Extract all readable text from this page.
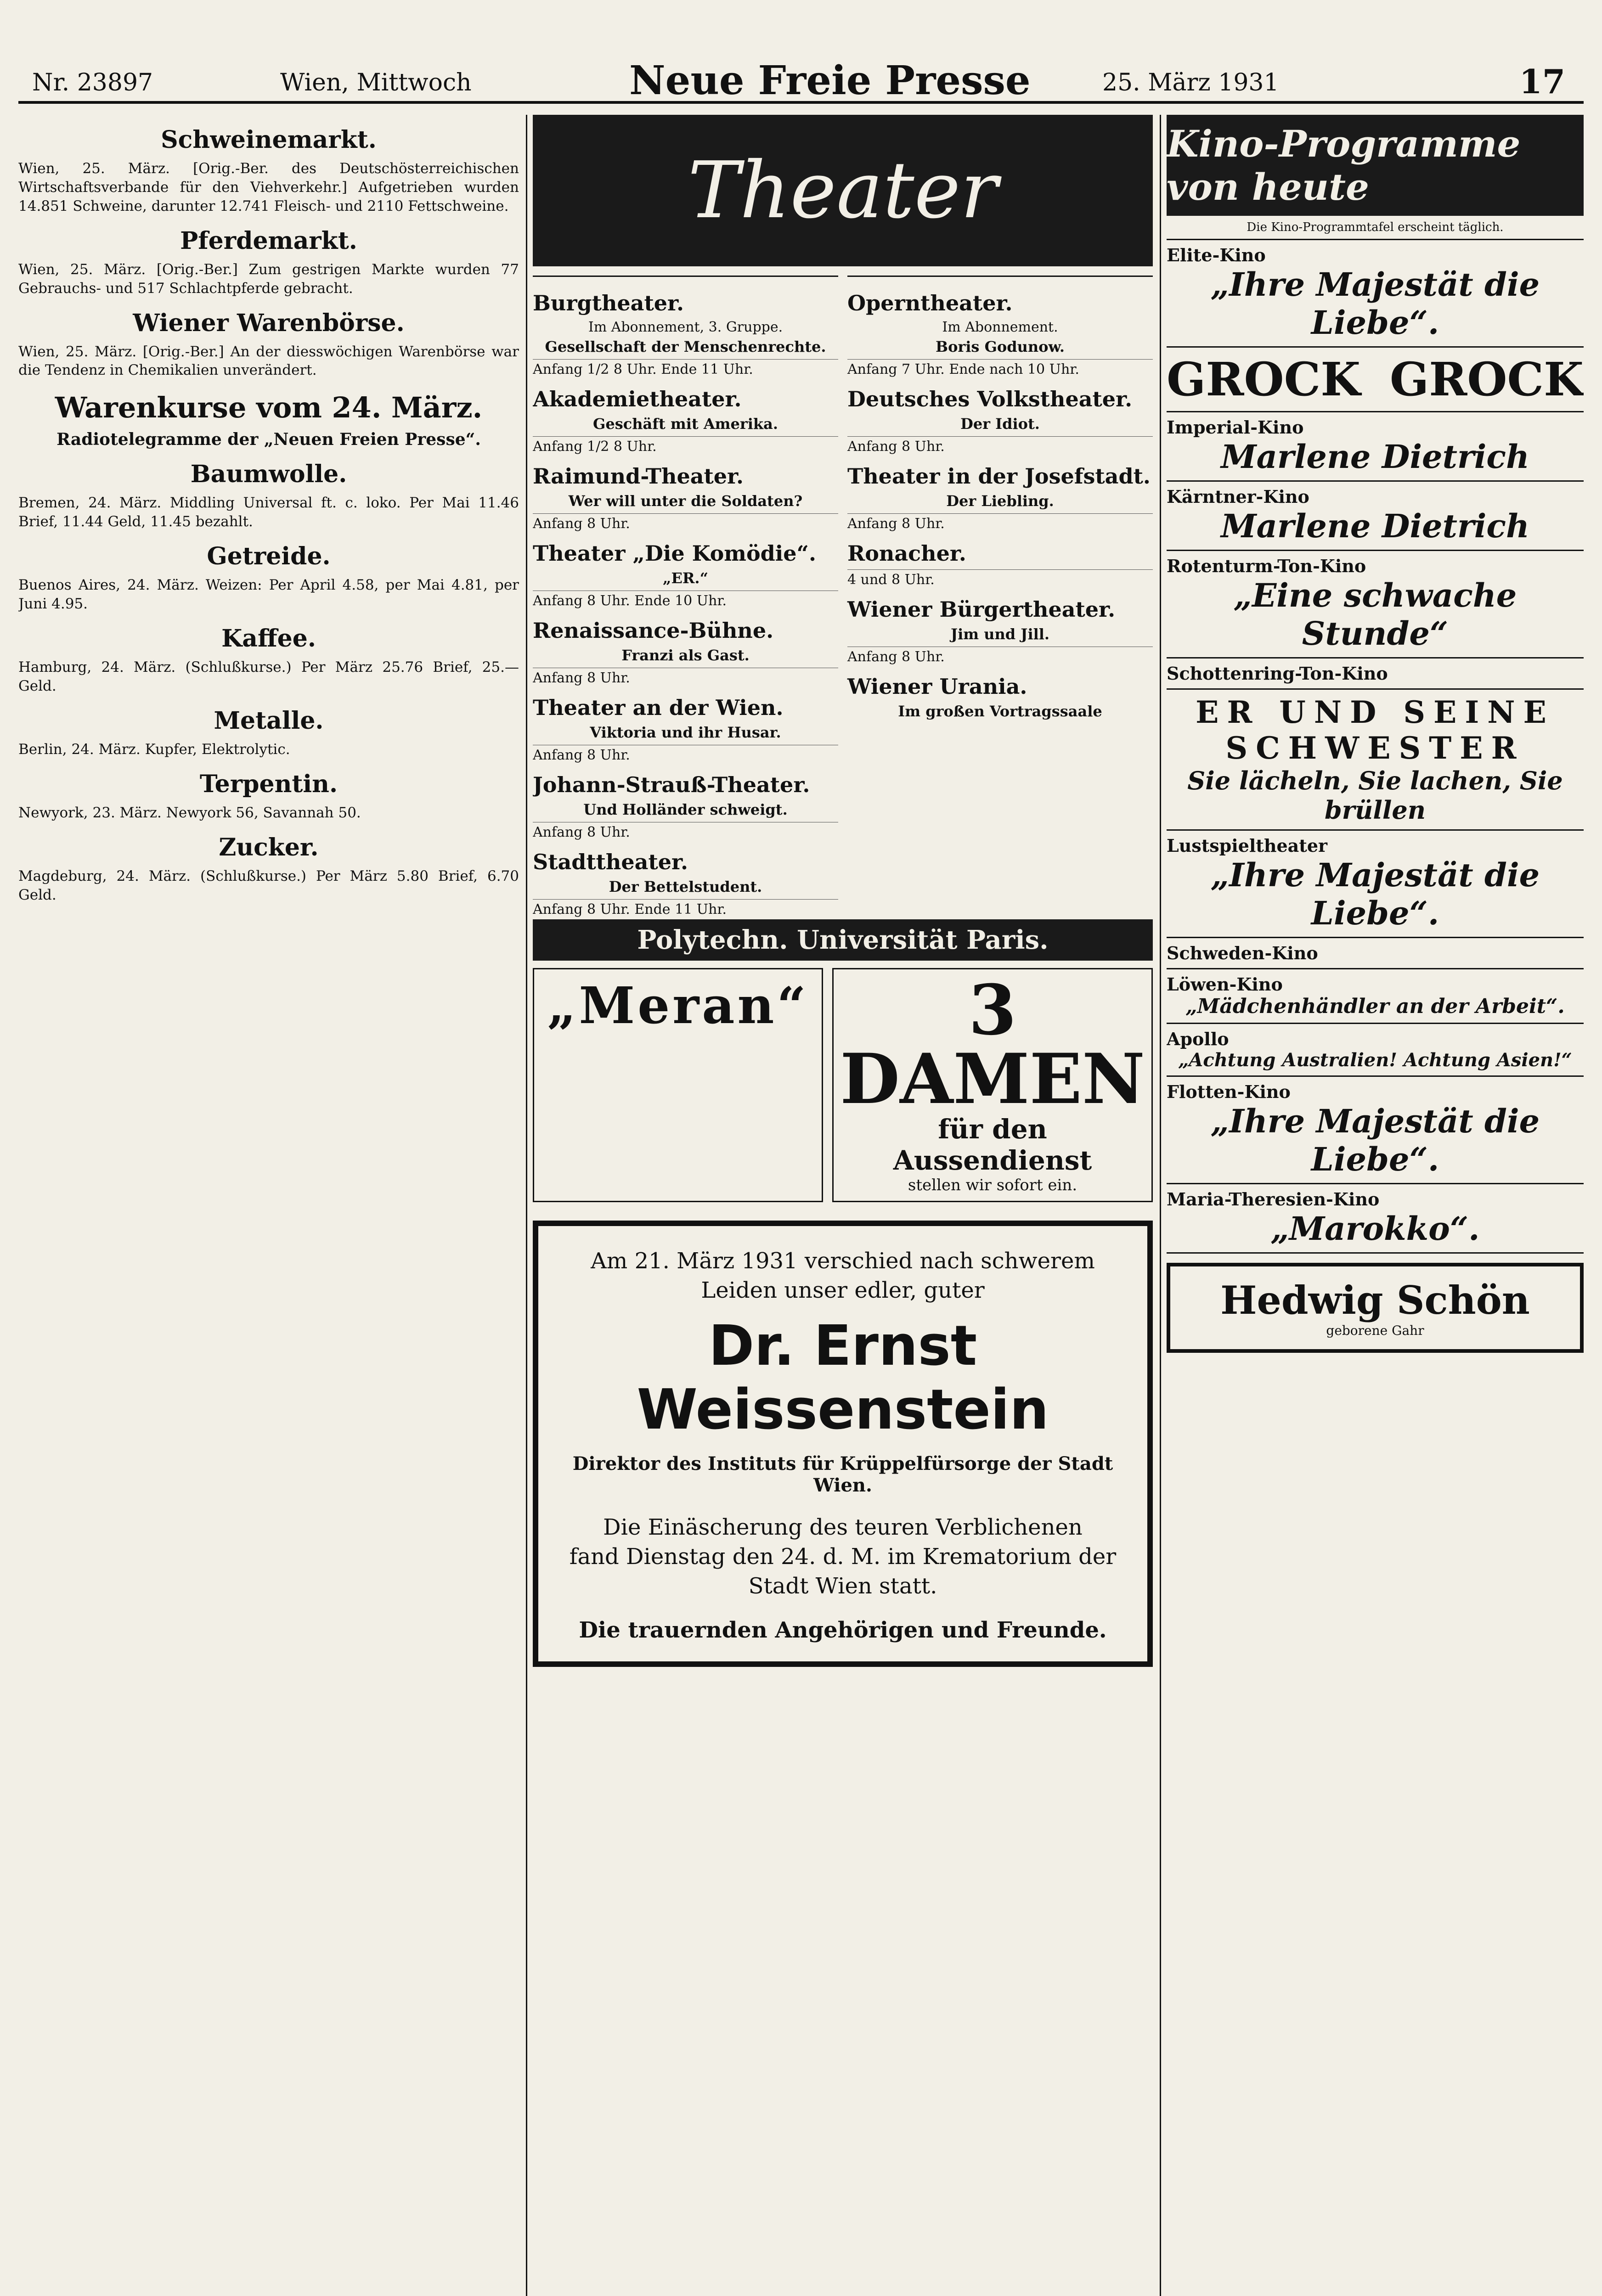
Nr. 23897	Wien, Mittwoch	Neue Freie Presse	25. März 1931	17
Schweinemarkt.

Wien, 25. März. [Orig.-Ber. des Deutschösterreichischen Wirtschaftsverbande für den Viehverkehr.] Aufgetrieben wurden 14.851 Schweine, darunter 12.741 Fleisch- und 2110 Fettschweine.

Pferdemarkt.

Wien, 25. März. [Orig.-Ber.] Zum gestrigen Markte wurden 77 Gebrauchs- und 517 Schlachtpferde gebracht.

Wiener Warenbörse.

Wien, 25. März. [Orig.-Ber.] An der diesswöchigen Warenbörse war die Tendenz in Chemikalien unverändert.

Warenkurse vom 24. März.
Radiotelegramme der „Neuen Freien Presse“.
Baumwolle.

Bremen, 24. März. Middling Universal ft. c. loko. Per Mai 11.46 Brief, 11.44 Geld, 11.45 bezahlt.

Getreide.

Buenos Aires, 24. März. Weizen: Per April 4.58, per Mai 4.81, per Juni 4.95.

Kaffee.

Hamburg, 24. März. (Schlußkurse.) Per März 25.76 Brief, 25.— Geld.

Metalle.

Berlin, 24. März. Kupfer, Elektrolytic.

Terpentin.

Newyork, 23. März. Newyork 56, Savannah 50.

Zucker.

Magdeburg, 24. März. (Schlußkurse.) Per März 5.80 Brief, 6.70 Geld.

Theater
Burgtheater.
Im Abonnement, 3. Gruppe.
Gesellschaft der Menschenrechte.
Anfang 1/2 8 Uhr. Ende 11 Uhr.
Akademietheater.
Geschäft mit Amerika.
Anfang 1/2 8 Uhr.
Raimund-Theater.
Wer will unter die Soldaten?
Anfang 8 Uhr.
Theater „Die Komödie“.
„ER.“
Anfang 8 Uhr. Ende 10 Uhr.
Renaissance-Bühne.
Franzi als Gast.
Anfang 8 Uhr.
Theater an der Wien.
Viktoria und ihr Husar.
Anfang 8 Uhr.
Johann-Strauß-Theater.
Und Holländer schweigt.
Anfang 8 Uhr.
Stadttheater.
Der Bettelstudent.
Anfang 8 Uhr. Ende 11 Uhr.
Operntheater.
Im Abonnement.
Boris Godunow.
Anfang 7 Uhr. Ende nach 10 Uhr.
Deutsches Volkstheater.
Der Idiot.
Anfang 8 Uhr.
Theater in der Josefstadt.
Der Liebling.
Anfang 8 Uhr.
Ronacher.
4 und 8 Uhr.
Wiener Bürgertheater.
Jim und Jill.
Anfang 8 Uhr.
Wiener Urania.
Im großen Vortragssaale
Polytechn. Universität Paris.
„Meran“	3 DAMEN
für den Aussendienst
stellen wir sofort ein.
Am 21. März 1931 verschied nach schwerem
Leiden unser edler, guter
Dr. Ernst Weissenstein
Direktor des Instituts für Krüppelfürsorge der Stadt Wien.
Die Einäscherung des teuren Verblichenen
fand Dienstag den 24. d. M. im Krematorium der
Stadt Wien statt.
Die trauernden Angehörigen und Freunde.
Kino-Programme von heute
Die Kino-Programmtafel erscheint täglich.
Elite-Kino
„Ihre Majestät die Liebe“.
GROCK GROCK
Imperial-Kino
Marlene Dietrich
Kärntner-Kino
Marlene Dietrich
Rotenturm-Ton-Kino
„Eine schwache Stunde“
Schottenring-Ton-Kino
ER UND SEINE SCHWESTER
Sie lächeln, Sie lachen, Sie brüllen
Lustspieltheater
„Ihre Majestät die Liebe“.
Schweden-Kino
Löwen-Kino
„Mädchenhändler an der Arbeit“.
Apollo
„Achtung Australien! Achtung Asien!“
Flotten-Kino
„Ihre Majestät die Liebe“.
Maria-Theresien-Kino
„Marokko“.
Hedwig Schön
geborene Gahr
